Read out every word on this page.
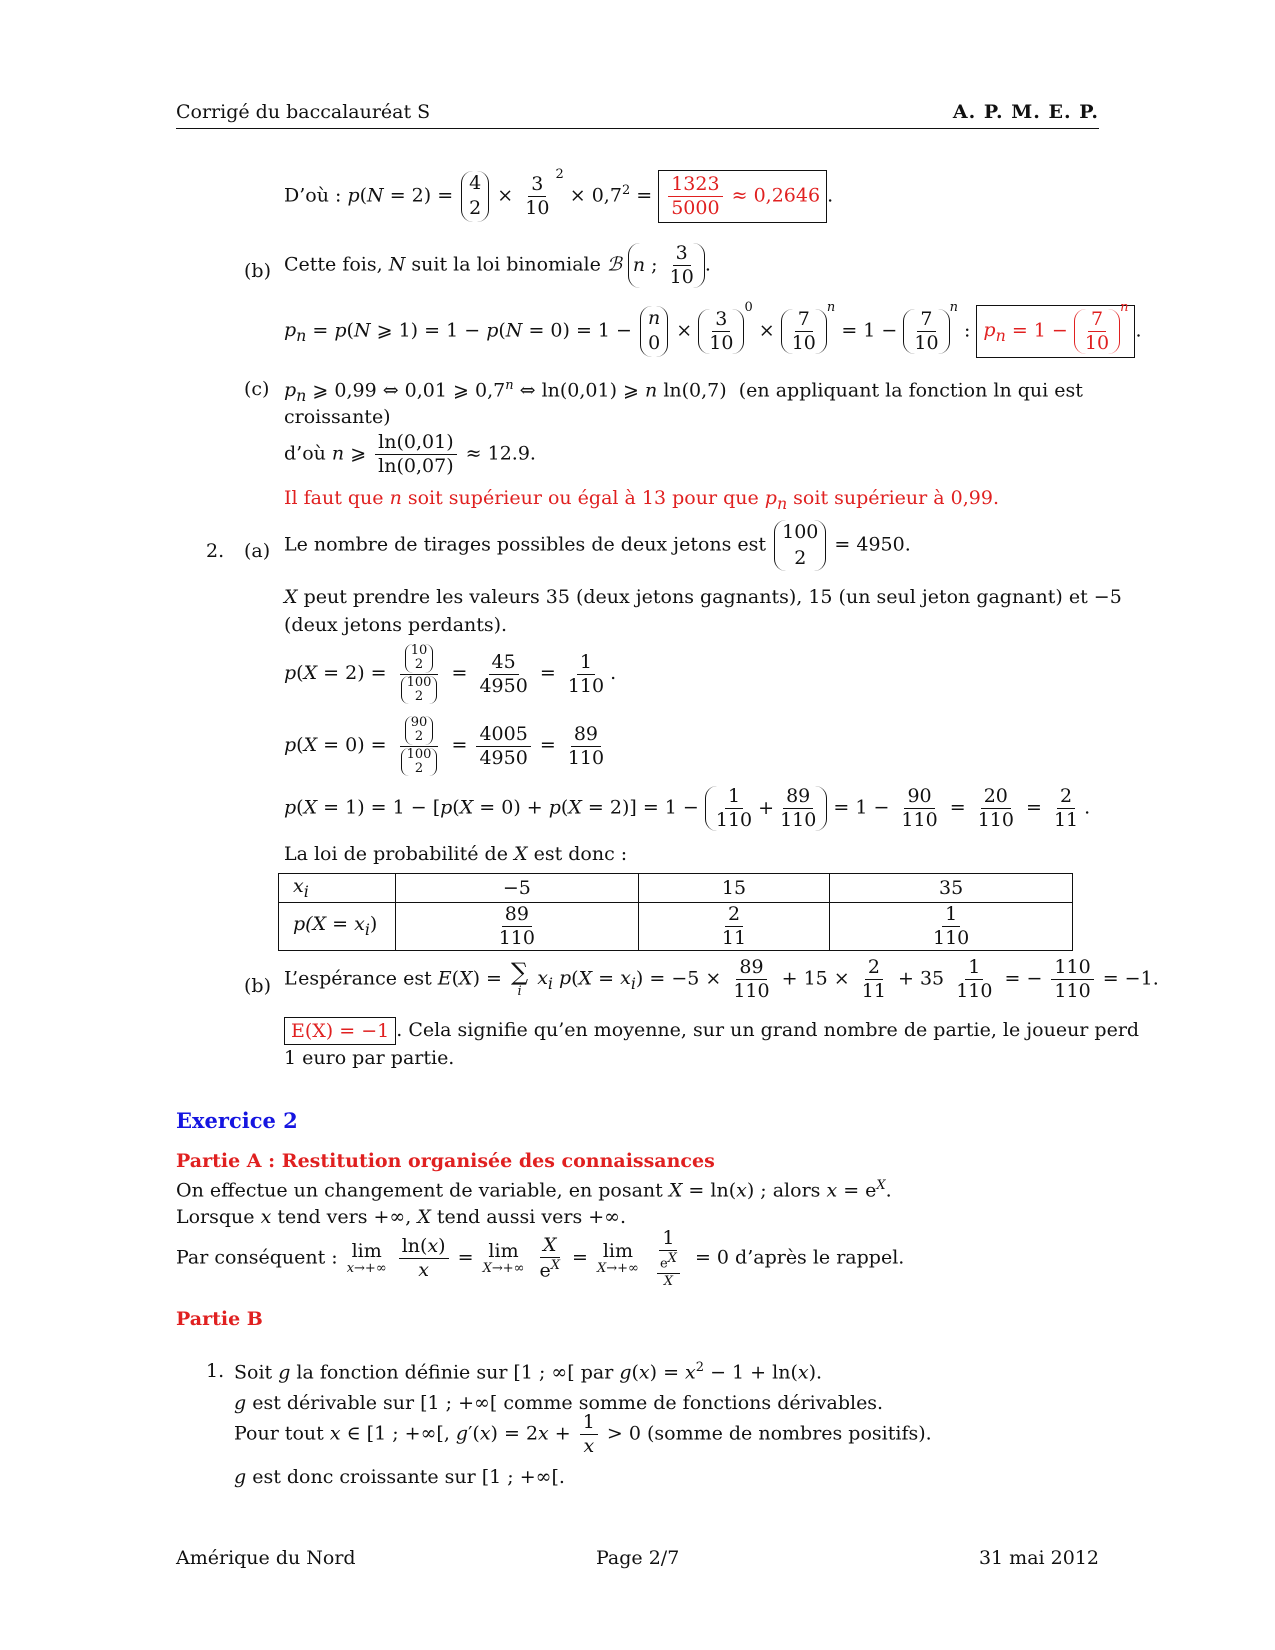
Corrigé du baccalauréat S	A. P. M. E. P.
D’où : p(N = 2) =
4
2
× $\frac{3}{10} ^2 \times 0,7^2 = \frac{1323}{5000} \approx 0,2646$ .
(b) Cette fois, N suit la loi binomiale ℬ n ; $\frac{3}{10}$ .
$p_n = p(N$ ⩾ 1) = 1 − p(N = 0) = 1 −
n
0
× $\frac{3}{10}$
$^0 \times \frac{7}{10}$
$^n = 1 - \frac{7}{10}$
$^n$ : $p_n = 1 - \frac{7}{10}$
$^n$.
(c) $p_n$ ⩾ 0,99 ⇔ 0,01 ⩾ 0,7$^n$ ⇔ ln(0,01) ⩾ n ln(0,7)  (en appliquant la fonction ln qui est
croissante)
d’où n ⩾ $\frac{\ln(0,01)}{\ln(0,07)} \approx 12.9$.
Il faut que n soit supérieur ou égal à 13 pour que $p_n$ soit supérieur à 0,99.
2. (a) Le nombre de tirages possibles de deux jetons est
100
2
= 4950.
X peut prendre les valeurs 35 (deux jetons gagnants), 15 (un seul jeton gagnant) et −5
(deux jetons perdants).
p(X = 2) = 10
2
100
$2 = \frac{45}{4950} = \frac{1}{110}$ .
p(X = 0) = 90
2
100
$2 = \frac{4005}{4950} = \frac{89}{110}$
$p(X = 1) = 1 - [p(X = 0) + p(X = 2)] = 1 - \frac{1}{110} + \frac{89}{110} = 1 - \frac{90}{110} = \frac{20}{110} = \frac{2}{11}$ .
La loi de probabilité de X est donc :
$x_i$	−5	15	35
$p(X = x_i)$	$\frac{89}{110}$	$\frac{2}{11}$	$\frac{1}{110}$
(b) L’espérance est E(X) = ∑
i
$x_i$ $p(X = x_i) = -5 \times \frac{89}{110} + 15 \times \frac{2}{11} + 35 \frac{1}{110}$ = − $\frac{110}{110} = -1$.
E(X) = −1 . Cela signifie qu’en moyenne, sur un grand nombre de partie, le joueur perd
1 euro par partie.
Exercice 2
Partie A : Restitution organisée des connaissances
On effectue un changement de variable, en posant X = ln(x) ; alors $x = e^X$.
Lorsque x tend vers +∞, X tend aussi vers +∞.
Par conséquent : lim
x→+∞
$\frac{\ln(x)}{x} = \lim$
X→+∞
$\frac{X}{e^X} = \lim$
X→+∞
$\frac{1}{\frac{e^X}{X}} = 0$ d’après le rappel.
Partie B
1. Soit g la fonction définie sur [1 ; ∞[ par $g(x) = x^2 - 1 + \ln(x)$.
g est dérivable sur [1 ; +∞[ comme somme de fonctions dérivables.
Pour tout x ∈ [1 ; +∞[, $g'(x) = 2x + \frac{1}{x} > 0$ (somme de nombres positifs).
g est donc croissante sur [1 ; +∞[.
Amérique du Nord	Page 2/7	31 mai 2012
